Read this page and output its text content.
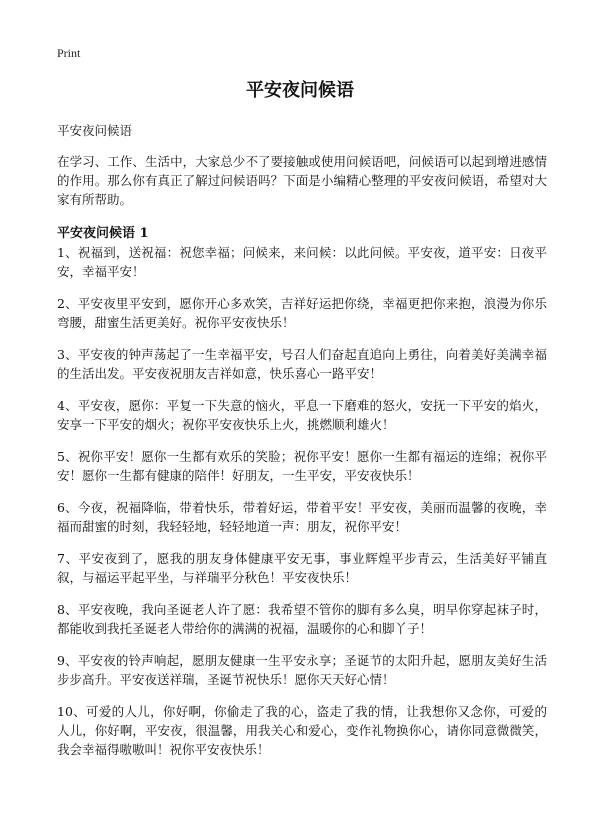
Print
平安夜问候语

平安夜问候语

在学习、工作、生活中，大家总少不了要接触或使用问候语吧，问候语可以起到增进感情的作用。那么你有真正了解过问候语吗？下面是小编精心整理的平安夜问候语，希望对大家有所帮助。

平安夜问候语 1

1、祝福到，送祝福：祝您幸福；问候来，来问候：以此问候。平安夜，道平安：日夜平安，幸福平安！

2、平安夜里平安到，愿你开心多欢笑，吉祥好运把你绕，幸福更把你来抱，浪漫为你乐弯腰，甜蜜生活更美好。祝你平安夜快乐！

3、平安夜的钟声荡起了一生幸福平安，号召人们奋起直追向上勇往，向着美好美满幸福的生活出发。平安夜祝朋友吉祥如意，快乐喜心一路平安！

4、平安夜，愿你：平复一下失意的恼火，平息一下磨难的怒火，安抚一下平安的焰火，安享一下平安的烟火；祝你平安夜快乐上火，挑燃顺利雄火！

5、祝你平安！愿你一生都有欢乐的笑脸；祝你平安！愿你一生都有福运的连绵；祝你平安！愿你一生都有健康的陪伴！好朋友，一生平安，平安夜快乐！

6、今夜，祝福降临，带着快乐，带着好运，带着平安！平安夜，美丽而温馨的夜晚，幸福而甜蜜的时刻，我轻轻地，轻轻地道一声：朋友，祝你平安！

7、平安夜到了，愿我的朋友身体健康平安无事，事业辉煌平步青云，生活美好平铺直叙，与福运平起平坐，与祥瑞平分秋色！平安夜快乐！

8、平安夜晚，我向圣诞老人许了愿：我希望不管你的脚有多么臭，明早你穿起袜子时，都能收到我托圣诞老人带给你的满满的祝福，温暖你的心和脚丫子！

9、平安夜的铃声响起，愿朋友健康一生平安永享；圣诞节的太阳升起，愿朋友美好生活步步高升。平安夜送祥瑞，圣诞节祝快乐！愿你天天好心情！

10、可爱的人儿，你好啊，你偷走了我的心，盗走了我的情，让我想你又念你，可爱的人儿，你好啊，平安夜，很温馨，用我关心和爱心，变作礼物换你心，请你同意微微笑，我会幸福得嗷嗷叫！祝你平安夜快乐！
